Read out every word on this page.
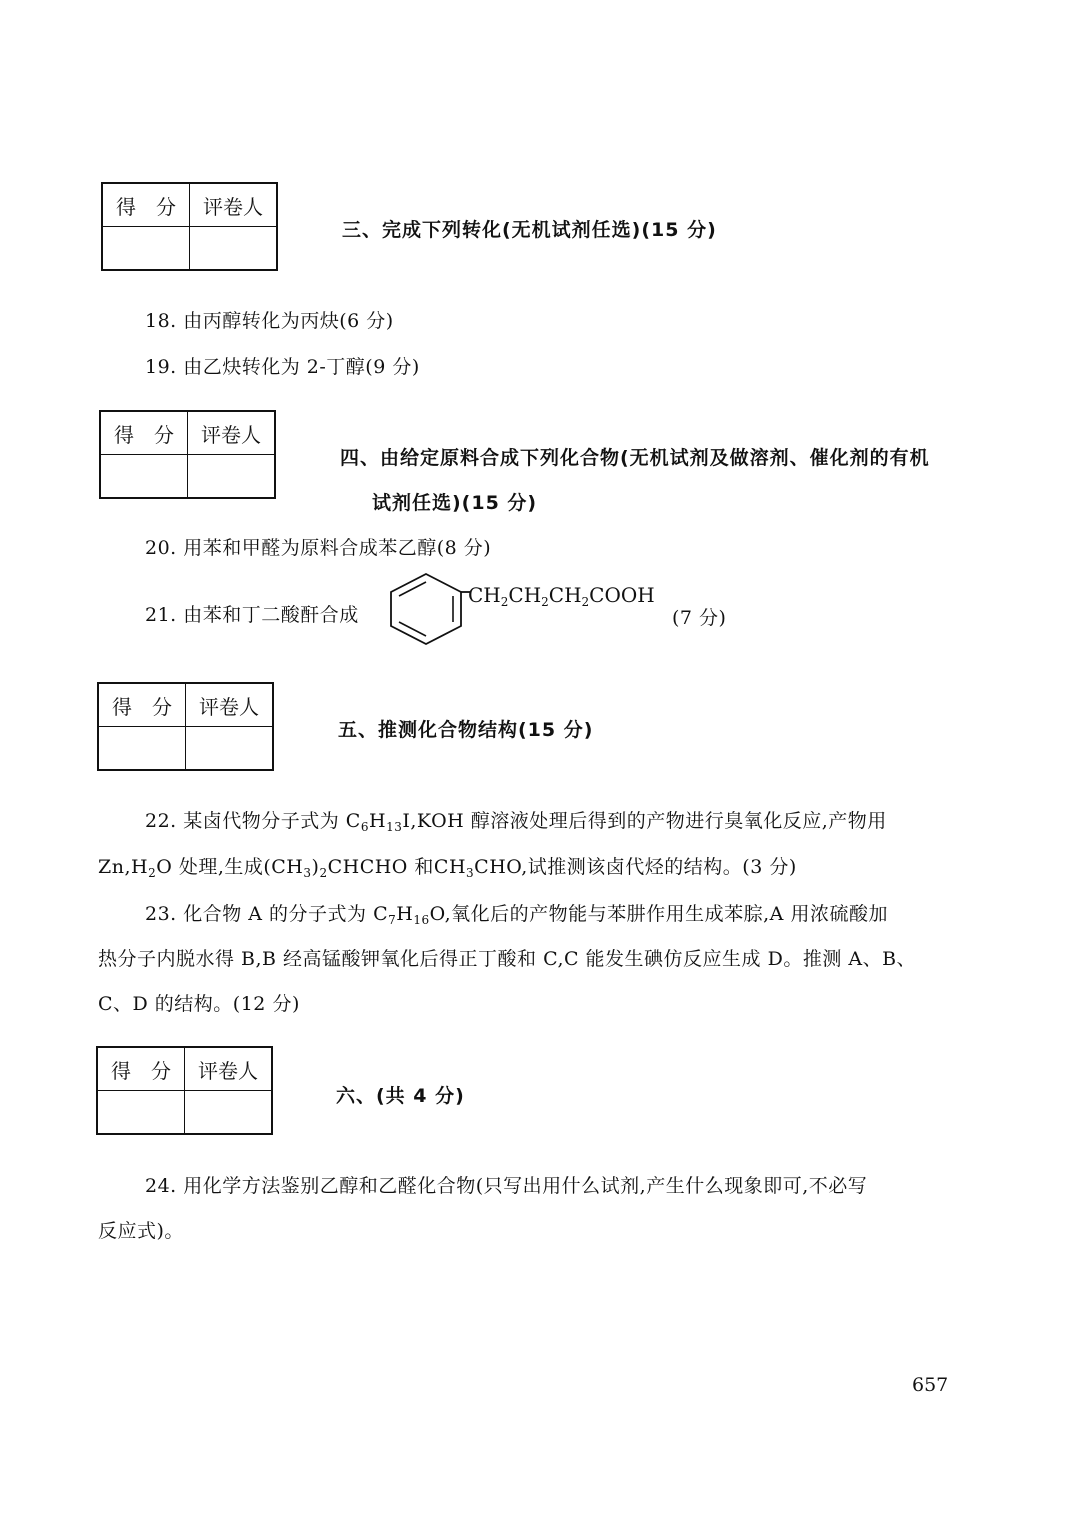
得　分	评卷人

三、完成下列转化(无机试剂任选)(15 分)
18. 由丙醇转化为丙炔(6 分)
19. 由乙炔转化为 2-丁醇(9 分)
得　分	评卷人

四、由给定原料合成下列化合物(无机试剂及做溶剂、催化剂的有机
试剂任选)(15 分)
20. 用苯和甲醛为原料合成苯乙醇(8 分)
21. 由苯和丁二酸酐合成
$CH_2CH_2CH_2COOH$
(7 分)
得　分	评卷人

五、推测化合物结构(15 分)
22. 某卤代物分子式为 $C_6H_{13}I,KOH$ 醇溶液处理后得到的产物进行臭氧化反应,产物用
$Zn,H_2O$ 处理,生成$(CH_3)_2CHCHO$ 和$CH_3CHO$,试推测该卤代烃的结构。(3 分)
23. 化合物 A 的分子式为 $C_7H_{16}O$,氧化后的产物能与苯肼作用生成苯腙,A 用浓硫酸加
热分子内脱水得 B,B 经高锰酸钾氧化后得正丁酸和 C,C 能发生碘仿反应生成 D。推测 A、B、
C、D 的结构。(12 分)
得　分	评卷人

六、(共 4 分)
24. 用化学方法鉴别乙醇和乙醛化合物(只写出用什么试剂,产生什么现象即可,不必写
反应式)。
657
